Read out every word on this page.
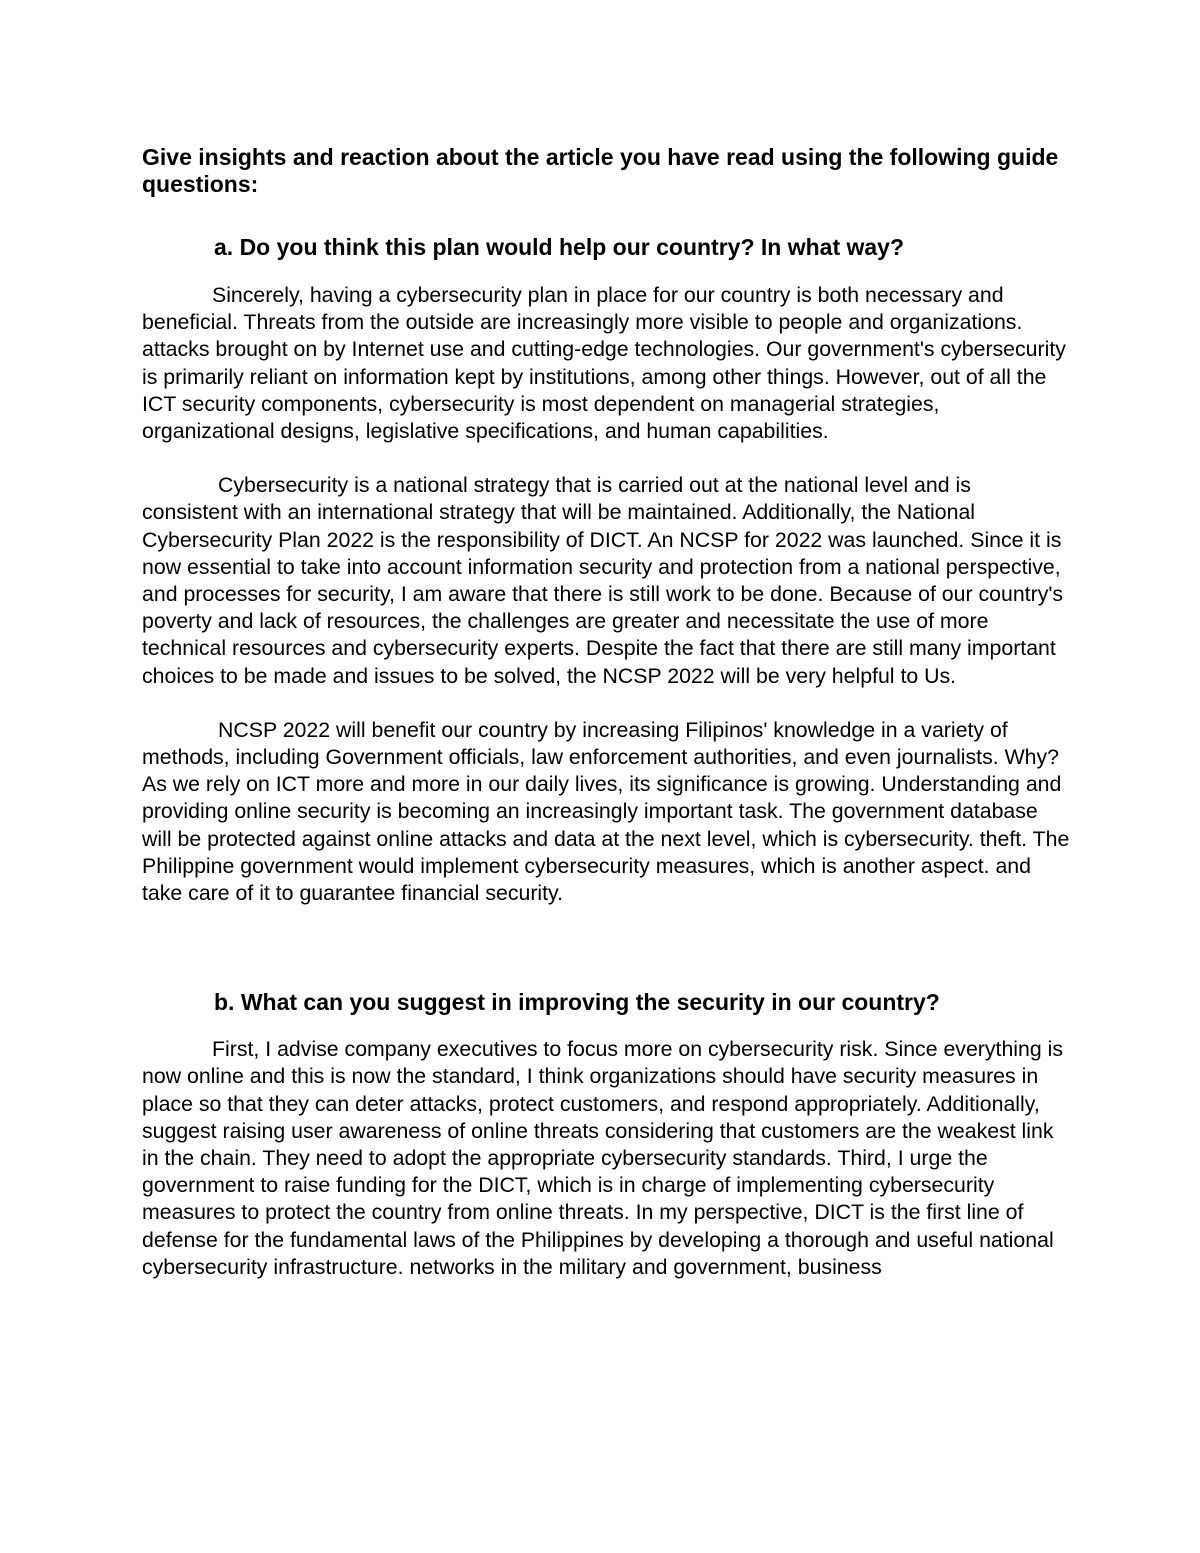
Give insights and reaction about the article you have read using the following guide questions:

a. Do you think this plan would help our country? In what way?

Sincerely, having a cybersecurity plan in place for our country is both necessary and beneficial. Threats from the outside are increasingly more visible to people and organizations. attacks brought on by Internet use and cutting-edge technologies. Our government's cybersecurity is primarily reliant on information kept by institutions, among other things. However, out of all the ICT security components, cybersecurity is most dependent on managerial strategies, organizational designs, legislative specifications, and human capabilities.

Cybersecurity is a national strategy that is carried out at the national level and is consistent with an international strategy that will be maintained. Additionally, the National Cybersecurity Plan 2022 is the responsibility of DICT. An NCSP for 2022 was launched. Since it is now essential to take into account information security and protection from a national perspective, and processes for security, I am aware that there is still work to be done. Because of our country's poverty and lack of resources, the challenges are greater and necessitate the use of more technical resources and cybersecurity experts. Despite the fact that there are still many important choices to be made and issues to be solved, the NCSP 2022 will be very helpful to Us.

NCSP 2022 will benefit our country by increasing Filipinos' knowledge in a variety of methods, including Government officials, law enforcement authorities, and even journalists. Why? As we rely on ICT more and more in our daily lives, its significance is growing. Understanding and providing online security is becoming an increasingly important task. The government database will be protected against online attacks and data at the next level, which is cybersecurity. theft. The Philippine government would implement cybersecurity measures, which is another aspect. and take care of it to guarantee financial security.

b. What can you suggest in improving the security in our country?

First, I advise company executives to focus more on cybersecurity risk. Since everything is now online and this is now the standard, I think organizations should have security measures in place so that they can deter attacks, protect customers, and respond appropriately. Additionally, suggest raising user awareness of online threats considering that customers are the weakest link in the chain. They need to adopt the appropriate cybersecurity standards. Third, I urge the government to raise funding for the DICT, which is in charge of implementing cybersecurity measures to protect the country from online threats. In my perspective, DICT is the first line of defense for the fundamental laws of the Philippines by developing a thorough and useful national cybersecurity infrastructure. networks in the military and government, business
